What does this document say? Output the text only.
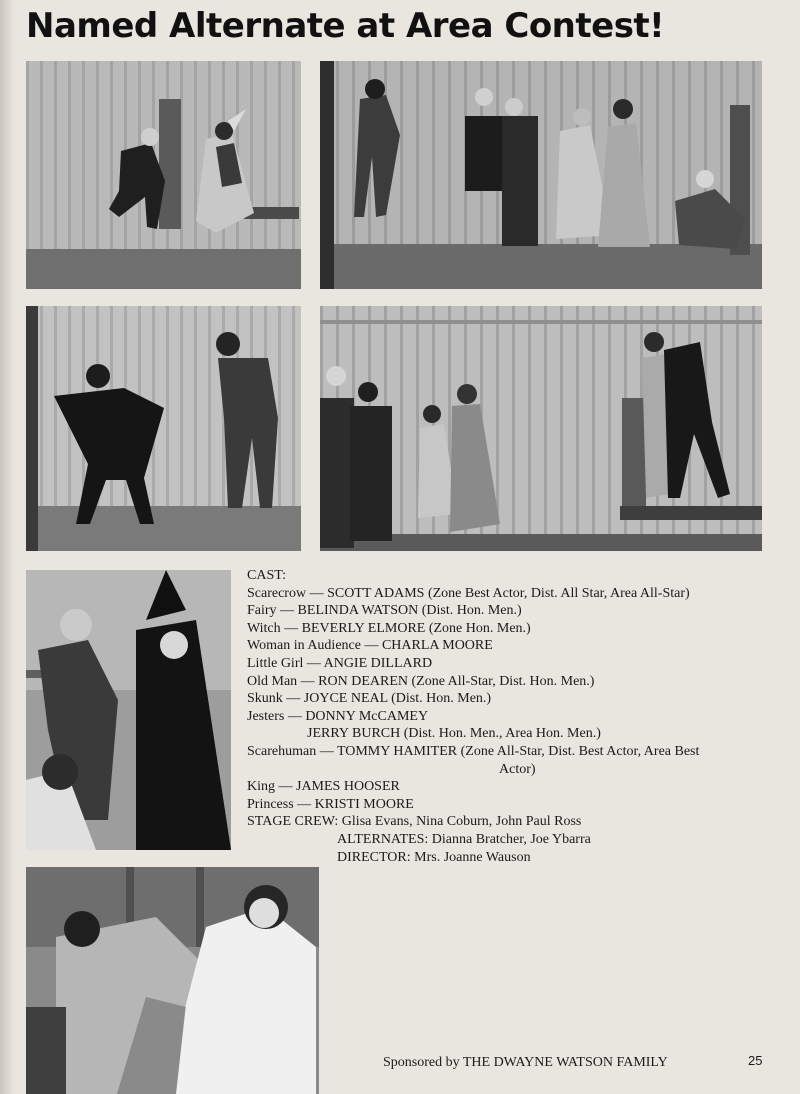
Named Alternate at Area Contest!
CAST:
Scarecrow — SCOTT ADAMS (Zone Best Actor, Dist. All Star, Area All-Star)
Fairy — BELINDA WATSON (Dist. Hon. Men.)
Witch — BEVERLY ELMORE (Zone Hon. Men.)
Woman in Audience — CHARLA MOORE
Little Girl — ANGIE DILLARD
Old Man — RON DEAREN (Zone All-Star, Dist. Hon. Men.)
Skunk — JOYCE NEAL (Dist. Hon. Men.)
Jesters — DONNY McCAMEY
JERRY BURCH (Dist. Hon. Men., Area Hon. Men.)
Scarehuman — TOMMY HAMITER (Zone All-Star, Dist. Best Actor, Area Best
Actor)
King — JAMES HOOSER
Princess — KRISTI MOORE
STAGE CREW: Glisa Evans, Nina Coburn, John Paul Ross
ALTERNATES: Dianna Bratcher, Joe Ybarra
DIRECTOR: Mrs. Joanne Wauson
Sponsored by THE DWAYNE WATSON FAMILY	25
